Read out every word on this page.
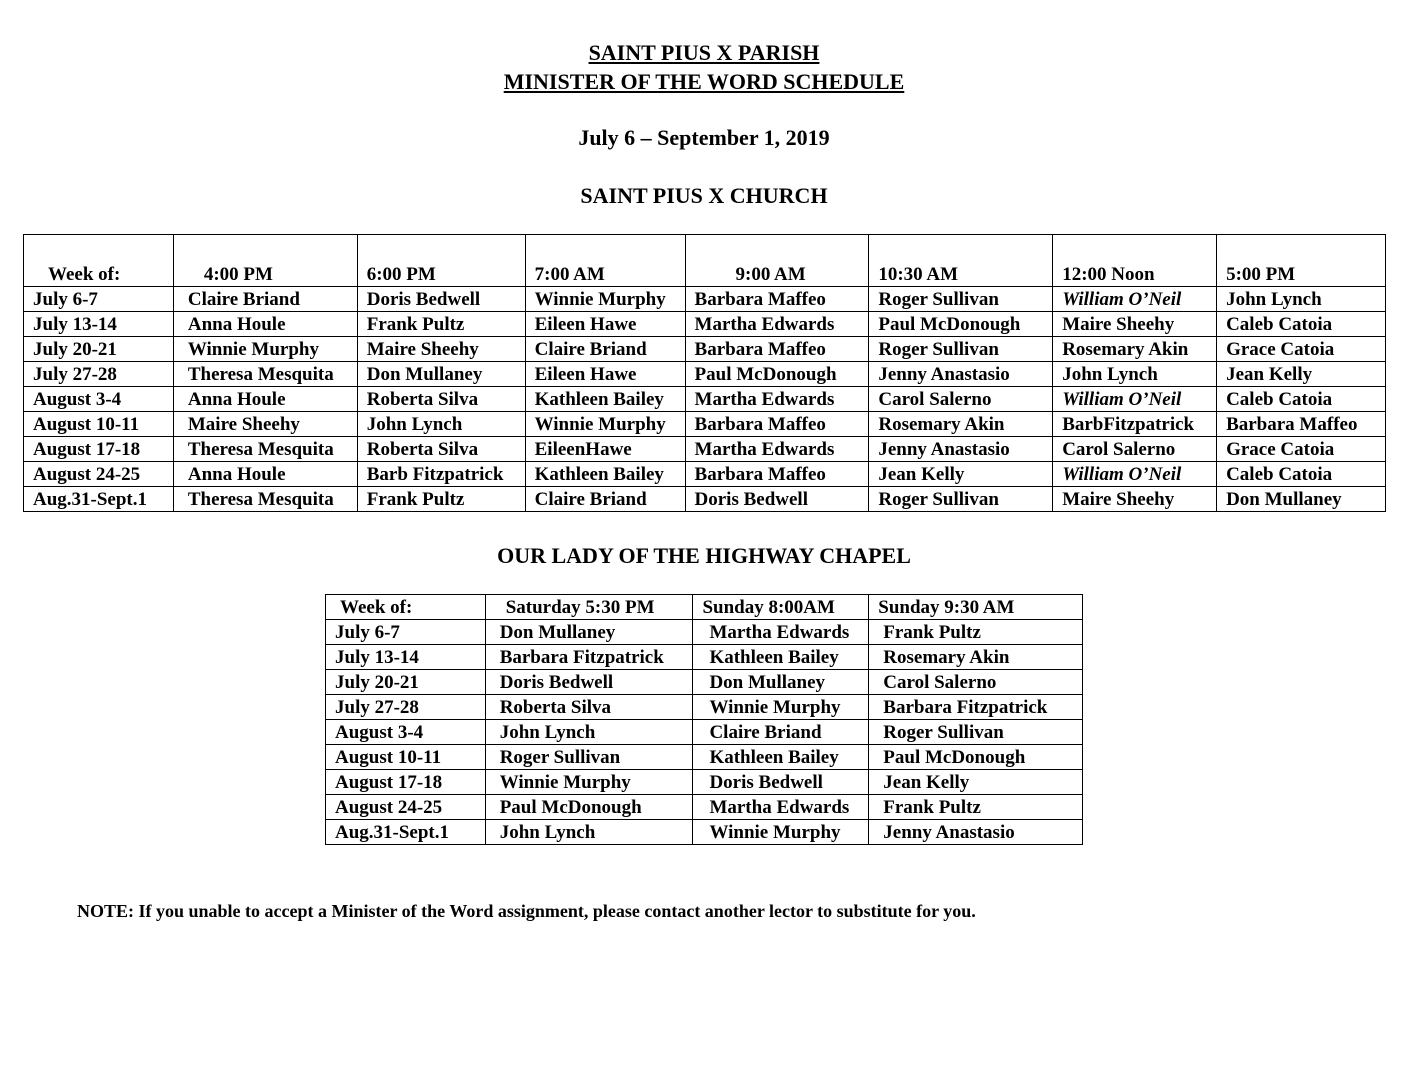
SAINT PIUS X PARISH
MINISTER OF THE WORD SCHEDULE
July 6 – September 1, 2019
SAINT PIUS X CHURCH
Week of:	4:00 PM	6:00 PM	7:00 AM	9:00 AM	10:30 AM	12:00 Noon	5:00 PM
July 6-7	Claire Briand	Doris Bedwell	Winnie Murphy	Barbara Maffeo	Roger Sullivan	William O’Neil	John Lynch
July 13-14	Anna Houle	Frank Pultz	Eileen Hawe	Martha Edwards	Paul McDonough	Maire Sheehy	Caleb Catoia
July 20-21	Winnie Murphy	Maire Sheehy	Claire Briand	Barbara Maffeo	Roger Sullivan	Rosemary Akin	Grace Catoia
July 27-28	Theresa Mesquita	Don Mullaney	Eileen Hawe	Paul McDonough	Jenny Anastasio	John Lynch	Jean Kelly
August 3-4	Anna Houle	Roberta Silva	Kathleen Bailey	Martha Edwards	Carol Salerno	William O’Neil	Caleb Catoia
August 10-11	Maire Sheehy	John Lynch	Winnie Murphy	Barbara Maffeo	Rosemary Akin	BarbFitzpatrick	Barbara Maffeo
August 17-18	Theresa Mesquita	Roberta Silva	EileenHawe	Martha Edwards	Jenny Anastasio	Carol Salerno	Grace Catoia
August 24-25	Anna Houle	Barb Fitzpatrick	Kathleen Bailey	Barbara Maffeo	Jean Kelly	William O’Neil	Caleb Catoia
Aug.31-Sept.1	Theresa Mesquita	Frank Pultz	Claire Briand	Doris Bedwell	Roger Sullivan	Maire Sheehy	Don Mullaney
OUR LADY OF THE HIGHWAY CHAPEL
Week of:	Saturday 5:30 PM	Sunday 8:00AM	Sunday 9:30 AM
July 6-7	Don Mullaney	Martha Edwards	Frank Pultz
July 13-14	Barbara Fitzpatrick	Kathleen Bailey	Rosemary Akin
July 20-21	Doris Bedwell	Don Mullaney	Carol Salerno
July 27-28	Roberta Silva	Winnie Murphy	Barbara Fitzpatrick
August 3-4	John Lynch	Claire Briand	Roger Sullivan
August 10-11	Roger Sullivan	Kathleen Bailey	Paul McDonough
August 17-18	Winnie Murphy	Doris Bedwell	Jean Kelly
August 24-25	Paul McDonough	Martha Edwards	Frank Pultz
Aug.31-Sept.1	John Lynch	Winnie Murphy	Jenny Anastasio
NOTE: If you unable to accept a Minister of the Word assignment, please contact another lector to substitute for you.
